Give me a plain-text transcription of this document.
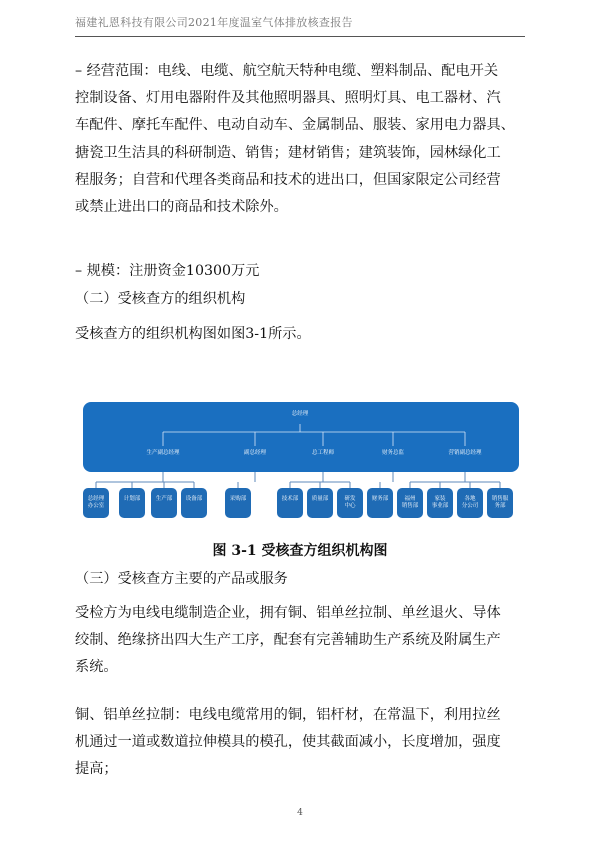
福建礼恩科技有限公司2021年度温室气体排放核查报告
– 经营范围：电线、电缆、航空航天特种电缆、塑料制品、配电开关
控制设备、灯用电器附件及其他照明器具、照明灯具、电工器材、汽
车配件、摩托车配件、电动自动车、金属制品、服装、家用电力器具、
搪瓷卫生洁具的科研制造、销售；建材销售；建筑装饰，园林绿化工
程服务；自营和代理各类商品和技术的进出口，但国家限定公司经营
或禁止进出口的商品和技术除外。
– 规模：注册资金10300万元
（二）受核查方的组织机构
受核查方的组织机构图如图3-1所示。
总经理
生产副总经理	副总经理	总工程师	财务总监	营销副总经理
总经理
办公室
计划部	生产部	设备部	采购部	技术部	质量部	研发
中心
财务部	福州
销售部
家装
事业部
各地
分公司
销售服
务部
图 3-1 受核查方组织机构图
（三）受核查方主要的产品或服务
受检方为电线电缆制造企业，拥有铜、铝单丝拉制、单丝退火、导体
绞制、绝缘挤出四大生产工序，配套有完善辅助生产系统及附属生产
系统。
铜、铝单丝拉制：电线电缆常用的铜，铝杆材，在常温下，利用拉丝
机通过一道或数道拉伸模具的模孔，使其截面减小，长度增加，强度
提高；
4
